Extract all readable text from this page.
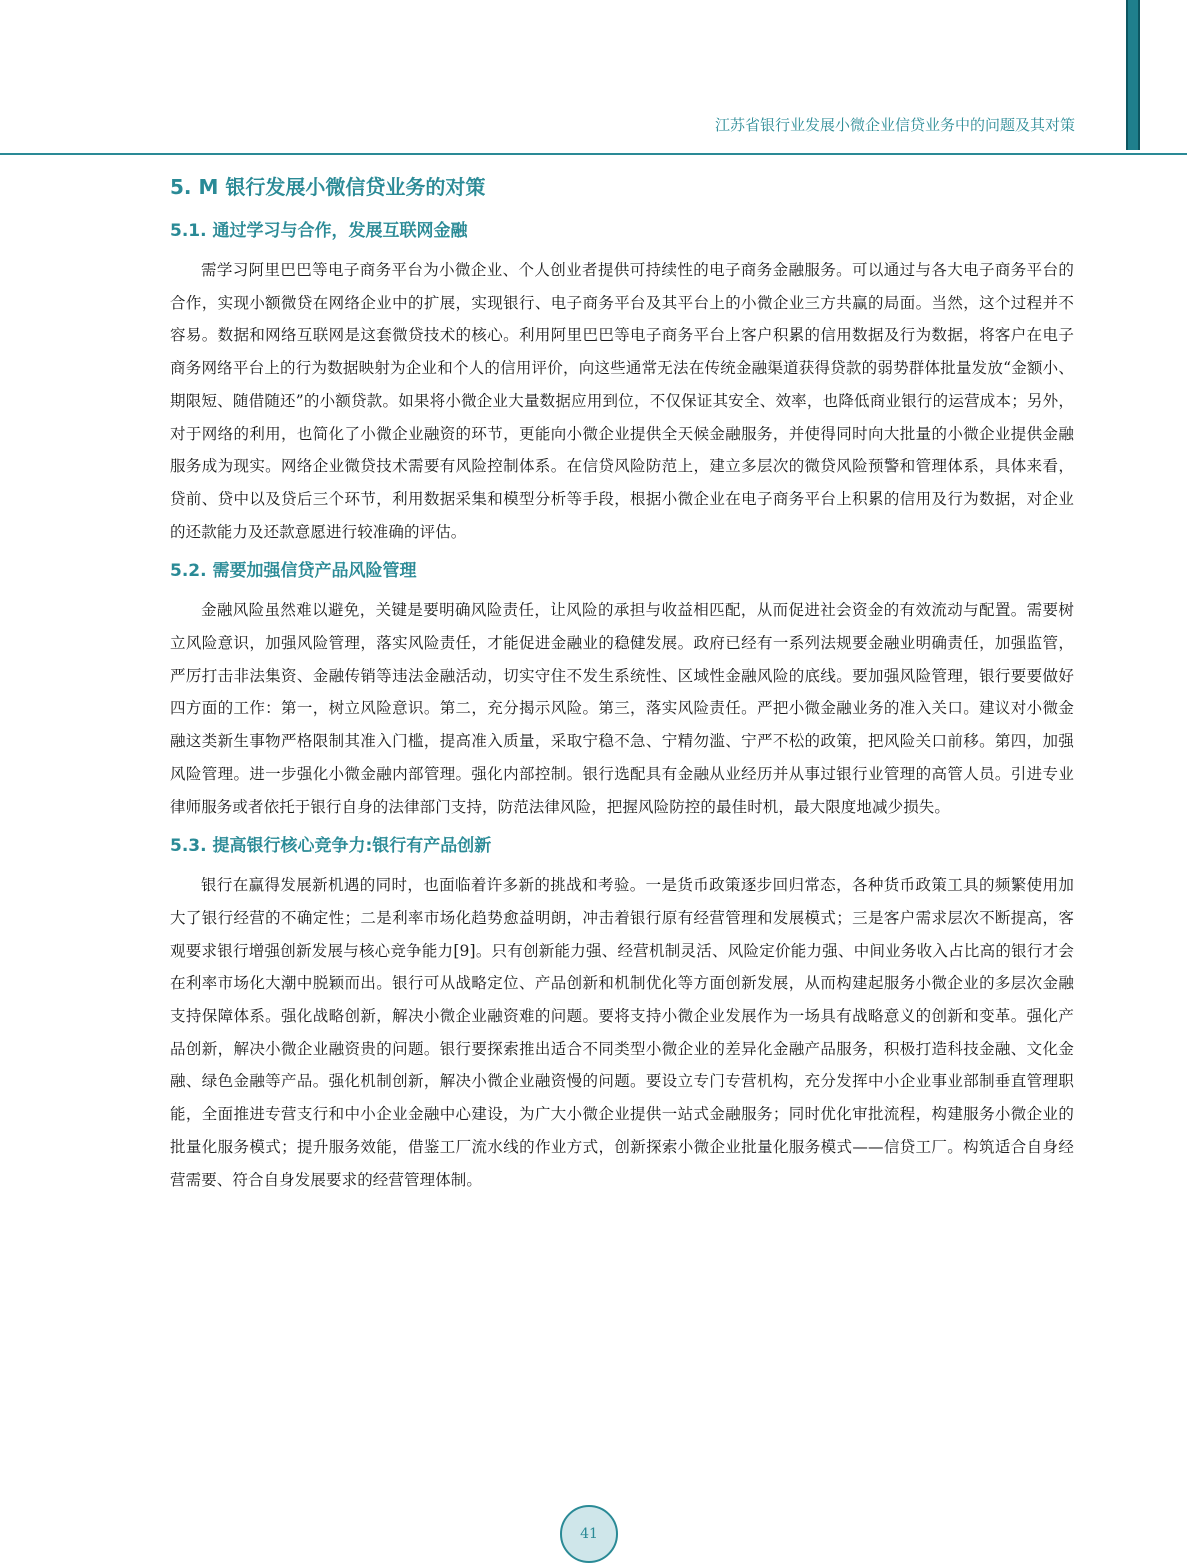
江苏省银行业发展小微企业信贷业务中的问题及其对策
5. M 银行发展小微信贷业务的对策
5.1. 通过学习与合作，发展互联网金融

需学习阿里巴巴等电子商务平台为小微企业、个人创业者提供可持续性的电子商务金融服务。可以通过与各大电子商务平台的合作，实现小额微贷在网络企业中的扩展，实现银行、电子商务平台及其平台上的小微企业三方共赢的局面。当然，这个过程并不容易。数据和网络互联网是这套微贷技术的核心。利用阿里巴巴等电子商务平台上客户积累的信用数据及行为数据，将客户在电子商务网络平台上的行为数据映射为企业和个人的信用评价，向这些通常无法在传统金融渠道获得贷款的弱势群体批量发放“金额小、期限短、随借随还”的小额贷款。如果将小微企业大量数据应用到位，不仅保证其安全、效率，也降低商业银行的运营成本；另外，对于网络的利用，也简化了小微企业融资的环节，更能向小微企业提供全天候金融服务，并使得同时向大批量的小微企业提供金融服务成为现实。网络企业微贷技术需要有风险控制体系。在信贷风险防范上，建立多层次的微贷风险预警和管理体系，具体来看，贷前、贷中以及贷后三个环节，利用数据采集和模型分析等手段，根据小微企业在电子商务平台上积累的信用及行为数据，对企业的还款能力及还款意愿进行较准确的评估。

5.2. 需要加强信贷产品风险管理

金融风险虽然难以避免，关键是要明确风险责任，让风险的承担与收益相匹配，从而促进社会资金的有效流动与配置。需要树立风险意识，加强风险管理，落实风险责任，才能促进金融业的稳健发展。政府已经有一系列法规要金融业明确责任，加强监管，严厉打击非法集资、金融传销等违法金融活动，切实守住不发生系统性、区域性金融风险的底线。要加强风险管理，银行要要做好四方面的工作：第一，树立风险意识。第二，充分揭示风险。第三，落实风险责任。严把小微金融业务的准入关口。建议对小微金融这类新生事物严格限制其准入门槛，提高准入质量，采取宁稳不急、宁精勿滥、宁严不松的政策，把风险关口前移。第四，加强风险管理。进一步强化小微金融内部管理。强化内部控制。银行选配具有金融从业经历并从事过银行业管理的高管人员。引进专业律师服务或者依托于银行自身的法律部门支持，防范法律风险，把握风险防控的最佳时机，最大限度地减少损失。

5.3. 提高银行核心竞争力:银行有产品创新

银行在赢得发展新机遇的同时，也面临着许多新的挑战和考验。一是货币政策逐步回归常态，各种货币政策工具的频繁使用加大了银行经营的不确定性；二是利率市场化趋势愈益明朗，冲击着银行原有经营管理和发展模式；三是客户需求层次不断提高，客观要求银行增强创新发展与核心竞争能力[9]。只有创新能力强、经营机制灵活、风险定价能力强、中间业务收入占比高的银行才会在利率市场化大潮中脱颖而出。银行可从战略定位、产品创新和机制优化等方面创新发展，从而构建起服务小微企业的多层次金融支持保障体系。强化战略创新，解决小微企业融资难的问题。要将支持小微企业发展作为一场具有战略意义的创新和变革。强化产品创新，解决小微企业融资贵的问题。银行要探索推出适合不同类型小微企业的差异化金融产品服务，积极打造科技金融、文化金融、绿色金融等产品。强化机制创新，解决小微企业融资慢的问题。要设立专门专营机构，充分发挥中小企业事业部制垂直管理职能，全面推进专营支行和中小企业金融中心建设，为广大小微企业提供一站式金融服务；同时优化审批流程，构建服务小微企业的批量化服务模式；提升服务效能，借鉴工厂流水线的作业方式，创新探索小微企业批量化服务模式——信贷工厂。构筑适合自身经营需要、符合自身发展要求的经营管理体制。

41
